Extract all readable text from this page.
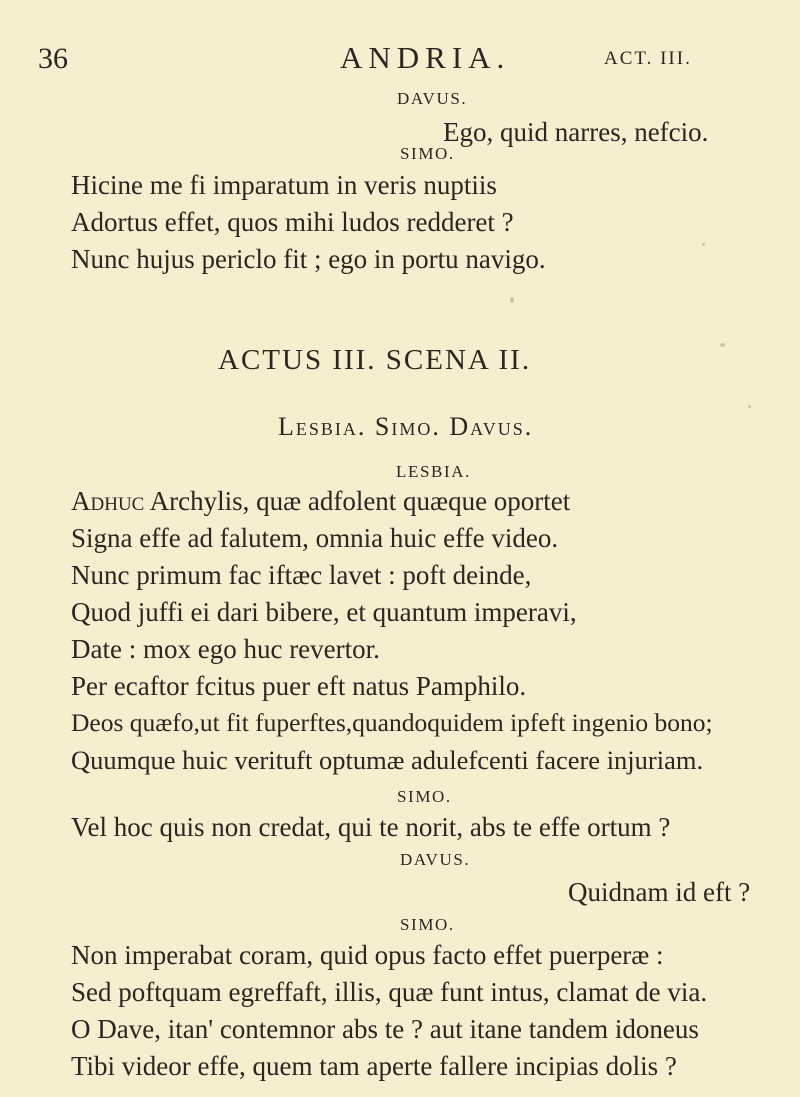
36	ANDRIA.	ACT. III.
DAVUS.
Ego, quid narres, nefcio.
SIMO.
Hicine me fi imparatum in veris nuptiis
Adortus effet, quos mihi ludos redderet ?
Nunc hujus periclo fit ; ego in portu navigo.
ACTUS III. SCENA II.
Lesbia. Simo. Davus.
LESBIA.
Adhuc Archylis, quæ adfolent quæque oportet
Signa effe ad falutem, omnia huic effe video.
Nunc primum fac iftæc lavet : poft deinde,
Quod juffi ei dari bibere, et quantum imperavi,
Date : mox ego huc revertor.
Per ecaftor fcitus puer eft natus Pamphilo.
Deos quæfo,ut fit fuperftes,quandoquidem ipfeft ingenio bono;
Quumque huic verituft optumæ adulefcenti facere injuriam.
SIMO.
Vel hoc quis non credat, qui te norit, abs te effe ortum ?
DAVUS.
Quidnam id eft ?
SIMO.
Non imperabat coram, quid opus facto effet puerperæ :
Sed poftquam egreffaft, illis, quæ funt intus, clamat de via.
O Dave, itan' contemnor abs te ? aut itane tandem idoneus
Tibi videor effe, quem tam aperte fallere incipias dolis ?
